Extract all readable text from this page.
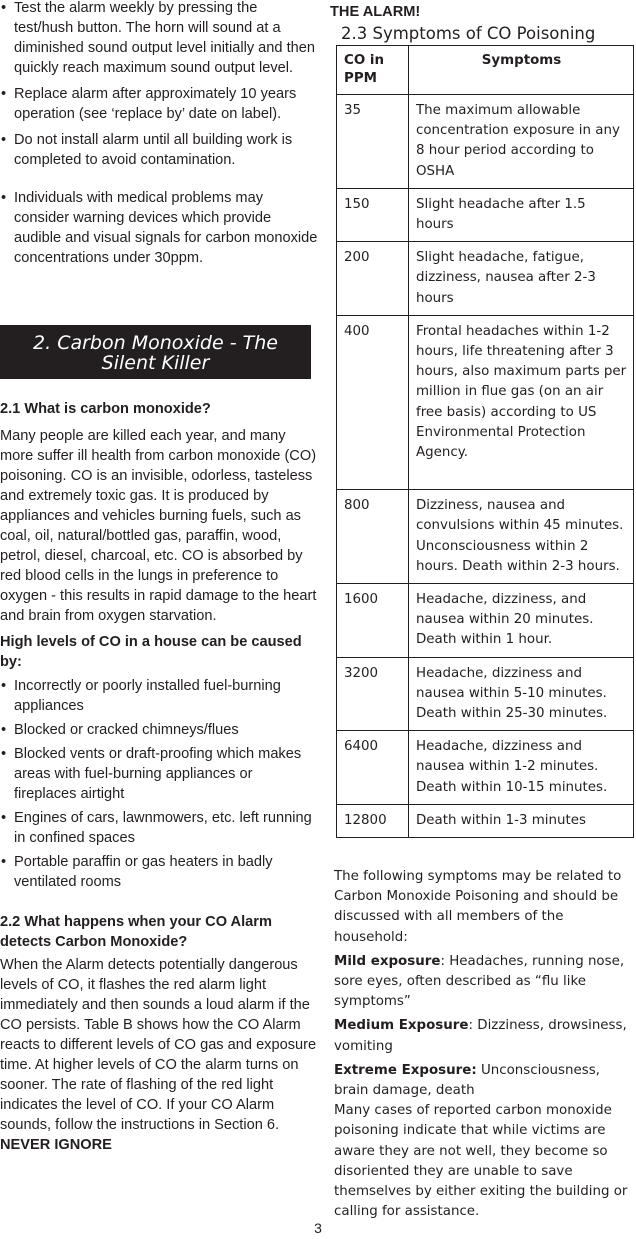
• Test the alarm weekly by pressing the test/hush button. The horn will sound at a diminished sound output level initially and then quickly reach maximum sound output level.

• Replace alarm after approximately 10 years operation (see ‘replace by’ date on label).

• Do not install alarm until all building work is completed to avoid contamination.

• Individuals with medical problems may consider warning devices which provide audible and visual signals for carbon monoxide concentrations under 30ppm.

2. Carbon Monoxide - The
Silent Killer

2.1 What is carbon monoxide?

Many people are killed each year, and many more suffer ill health from carbon monoxide (CO) poisoning. CO is an invisible, odorless, tasteless and extremely toxic gas. It is produced by appliances and vehicles burning fuels, such as coal, oil, natural/bottled gas, paraffin, wood, petrol, diesel, charcoal, etc. CO is absorbed by red blood cells in the lungs in preference to oxygen - this results in rapid damage to the heart and brain from oxygen starvation.

High levels of CO in a house can be caused by:

• Incorrectly or poorly installed fuel-burning appliances

• Blocked or cracked chimneys/flues

• Blocked vents or draft-proofing which makes areas with fuel-burning appliances or fireplaces airtight

• Engines of cars, lawnmowers, etc. left running in confined spaces

• Portable paraffin or gas heaters in badly ventilated rooms

2.2 What happens when your CO Alarm detects Carbon Monoxide?

When the Alarm detects potentially dangerous levels of CO, it flashes the red alarm light immediately and then sounds a loud alarm if the CO persists. Table B shows how the CO Alarm reacts to different levels of CO gas and exposure time. At higher levels of CO the alarm turns on sooner. The rate of flashing of the red light indicates the level of CO. If your CO Alarm sounds, follow the instructions in Section 6. NEVER IGNORE

THE ALARM!
2.3 Symptoms of CO Poisoning
CO in PPM	Symptoms
35	The maximum allowable concentration exposure in any 8 hour period according to OSHA
150	Slight headache after 1.5 hours
200	Slight headache, fatigue, dizziness, nausea after 2-3 hours
400	Frontal headaches within 1-2 hours, life threatening after 3 hours, also maximum parts per million in flue gas (on an air free basis) according to US Environmental Protection Agency.
800	Dizziness, nausea and convulsions within 45 minutes. Unconsciousness within 2 hours. Death within 2-3 hours.
1600	Headache, dizziness, and nausea within 20 minutes. Death within 1 hour.
3200	Headache, dizziness and nausea within 5-10 minutes. Death within 25-30 minutes.
6400	Headache, dizziness and nausea within 1-2 minutes. Death within 10-15 minutes.
12800	Death within 1-3 minutes

The following symptoms may be related to Carbon Monoxide Poisoning and should be discussed with all members of the household:

Mild exposure: Headaches, running nose, sore eyes, often described as “flu like symptoms”

Medium Exposure: Dizziness, drowsiness, vomiting

Extreme Exposure: Unconsciousness, brain damage, death

Many cases of reported carbon monoxide poisoning indicate that while victims are aware they are not well, they become so disoriented they are unable to save themselves by either exiting the building or calling for assistance.

3
